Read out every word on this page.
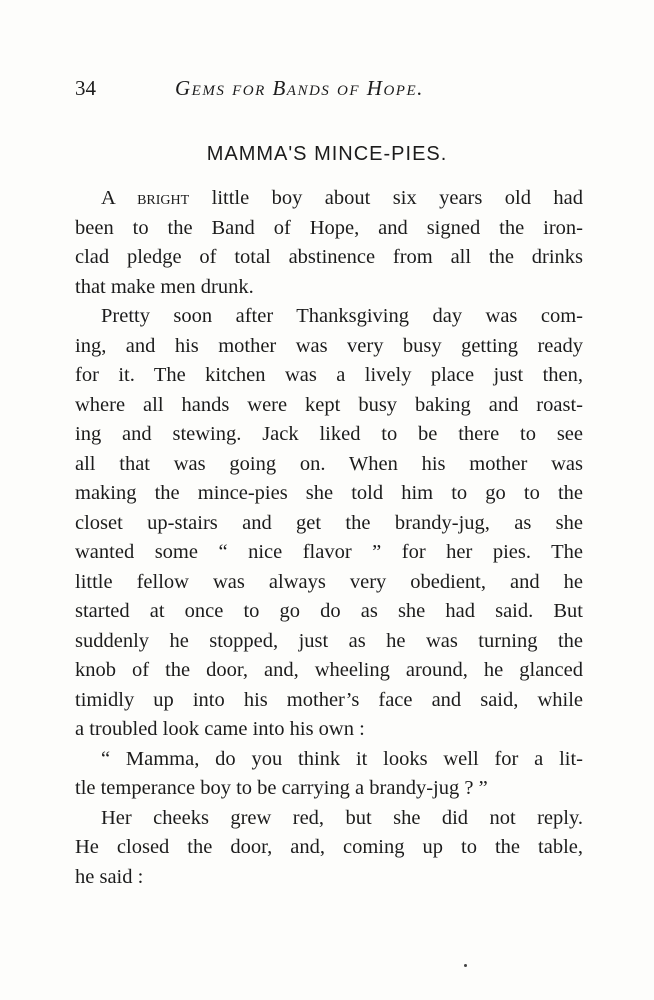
34	Gems for Bands of Hope.
MAMMA'S MINCE-PIES.
A bright little boy about six years old had
been to the Band of Hope, and signed the iron-
clad pledge of total abstinence from all the drinks
that make men drunk.
Pretty soon after Thanksgiving day was com-
ing, and his mother was very busy getting ready
for it. The kitchen was a lively place just then,
where all hands were kept busy baking and roast-
ing and stewing. Jack liked to be there to see
all that was going on. When his mother was
making the mince-pies she told him to go to the
closet up-stairs and get the brandy-jug, as she
wanted some “ nice flavor ” for her pies. The
little fellow was always very obedient, and he
started at once to go do as she had said. But
suddenly he stopped, just as he was turning the
knob of the door, and, wheeling around, he glanced
timidly up into his mother’s face and said, while
a troubled look came into his own :
“ Mamma, do you think it looks well for a lit-
tle temperance boy to be carrying a brandy-jug ? ”
Her cheeks grew red, but she did not reply.
He closed the door, and, coming up to the table,
he said :
